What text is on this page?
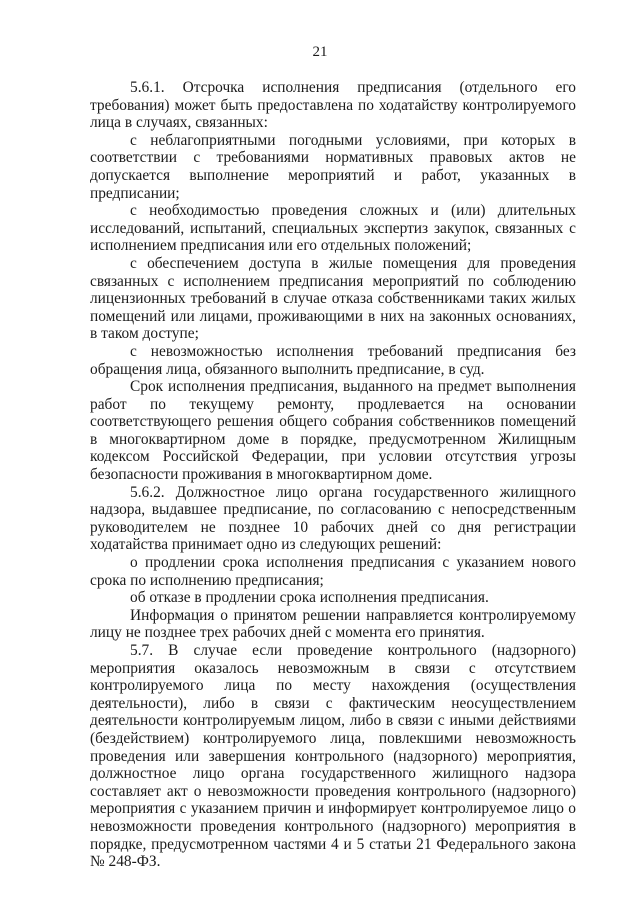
21

5.6.1. Отсрочка исполнения предписания (отдельного его требования) может быть предоставлена по ходатайству контролируемого лица в случаях, связанных:

с неблагоприятными погодными условиями, при которых в соответствии с требованиями нормативных правовых актов не допускается выполнение мероприятий и работ, указанных в предписании;

с необходимостью проведения сложных и (или) длительных исследований, испытаний, специальных экспертиз закупок, связанных с исполнением предписания или его отдельных положений;

с обеспечением доступа в жилые помещения для проведения связанных с исполнением предписания мероприятий по соблюдению лицензионных требований в случае отказа собственниками таких жилых помещений или лицами, проживающими в них на законных основаниях, в таком доступе;

с невозможностью исполнения требований предписания без обращения лица, обязанного выполнить предписание, в суд.

Срок исполнения предписания, выданного на предмет выполнения работ по текущему ремонту, продлевается на основании соответствующего решения общего собрания собственников помещений в многоквартирном доме в порядке, предусмотренном Жилищным кодексом Российской Федерации, при условии отсутствия угрозы безопасности проживания в многоквартирном доме.

5.6.2. Должностное лицо органа государственного жилищного надзора, выдавшее предписание, по согласованию с непосредственным руководителем не позднее 10 рабочих дней со дня регистрации ходатайства принимает одно из следующих решений:

о продлении срока исполнения предписания с указанием нового срока по исполнению предписания;

об отказе в продлении срока исполнения предписания.

Информация о принятом решении направляется контролируемому лицу не позднее трех рабочих дней с момента его принятия.

5.7. В случае если проведение контрольного (надзорного) мероприятия оказалось невозможным в связи с отсутствием контролируемого лица по месту нахождения (осуществления деятельности), либо в связи с фактическим неосуществлением деятельности контролируемым лицом, либо в связи с иными действиями (бездействием) контролируемого лица, повлекшими невозможность проведения или завершения контрольного (надзорного) мероприятия, должностное лицо органа государственного жилищного надзора составляет акт о невозможности проведения контрольного (надзорного) мероприятия с указанием причин и информирует контролируемое лицо о невозможности проведения контрольного (надзорного) мероприятия в порядке, предусмотренном частями 4 и 5 статьи 21 Федерального закона № 248-ФЗ.
